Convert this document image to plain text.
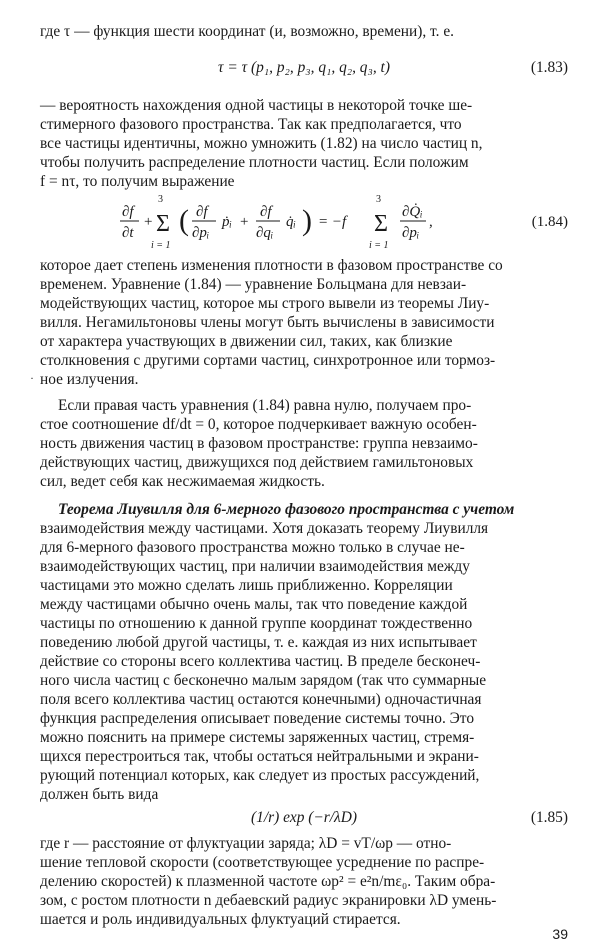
где τ — функция шести координат (и, возможно, времени), т. е.

τ = τ (p₁, p₂, p₃, q₁, q₂, q₃, t)	(1.83)

— вероятность нахождения одной частицы в некоторой точке ше-

стимерного фазового пространства. Так как предполагается, что

все частицы идентичны, можно умножить (1.82) на число частиц n,

чтобы получить распределение плотности частиц. Если положим

f = nτ, то получим выражение

∂f
∂t
+
3
Σ
i = 1
( ∂f
∂pᵢ
ṗᵢ +
∂f
∂qᵢ
q̇ᵢ ) = −f
3
Σ
i = 1
∂Q̇ᵢ
∂pᵢ
,	(1.84)

которое дает степень изменения плотности в фазовом пространстве со

временем. Уравнение (1.84) — уравнение Больцмана для невзаи-

модействующих частиц, которое мы строго вывели из теоремы Лиу-

вилля. Негамильтоновы члены могут быть вычислены в зависимости

от характера участвующих в движении сил, таких, как близкие

столкновения с другими сортами частиц, синхротронное или тормоз-

ное излучения.

·

Если правая часть уравнения (1.84) равна нулю, получаем про-

стое соотношение df/dt = 0, которое подчеркивает важную особен-

ность движения частиц в фазовом пространстве: группа невзаимо-

действующих частиц, движущихся под действием гамильтоновых

сил, ведет себя как несжимаемая жидкость.

Теорема Лиувилля для 6-мерного фазового пространства с учетом

взаимодействия между частицами. Хотя доказать теорему Лиувилля

для 6-мерного фазового пространства можно только в случае не-

взаимодействующих частиц, при наличии взаимодействия между

частицами это можно сделать лишь приближенно. Корреляции

между частицами обычно очень малы, так что поведение каждой

частицы по отношению к данной группе координат тождественно

поведению любой другой частицы, т. е. каждая из них испытывает

действие со стороны всего коллектива частиц. В пределе бесконеч-

ного числа частиц с бесконечно малым зарядом (так что суммарные

поля всего коллектива частиц остаются конечными) одночастичная

функция распределения описывает поведение системы точно. Это

можно пояснить на примере системы заряженных частиц, стремя-

щихся перестроиться так, чтобы остаться нейтральными и экрани-

рующий потенциал которых, как следует из простых рассуждений,

должен быть вида

(1/r) exp (−r/λD)	(1.85)

где r — расстояние от флуктуации заряда; λD = vT/ωp — отно-

шение тепловой скорости (соответствующее усреднение по распре-

делению скоростей) к плазменной частоте ωp² = e²n/mε₀. Таким обра-

зом, с ростом плотности n дебаевский радиус экранировки λD умень-

шается и роль индивидуальных флуктуаций стирается.

39
